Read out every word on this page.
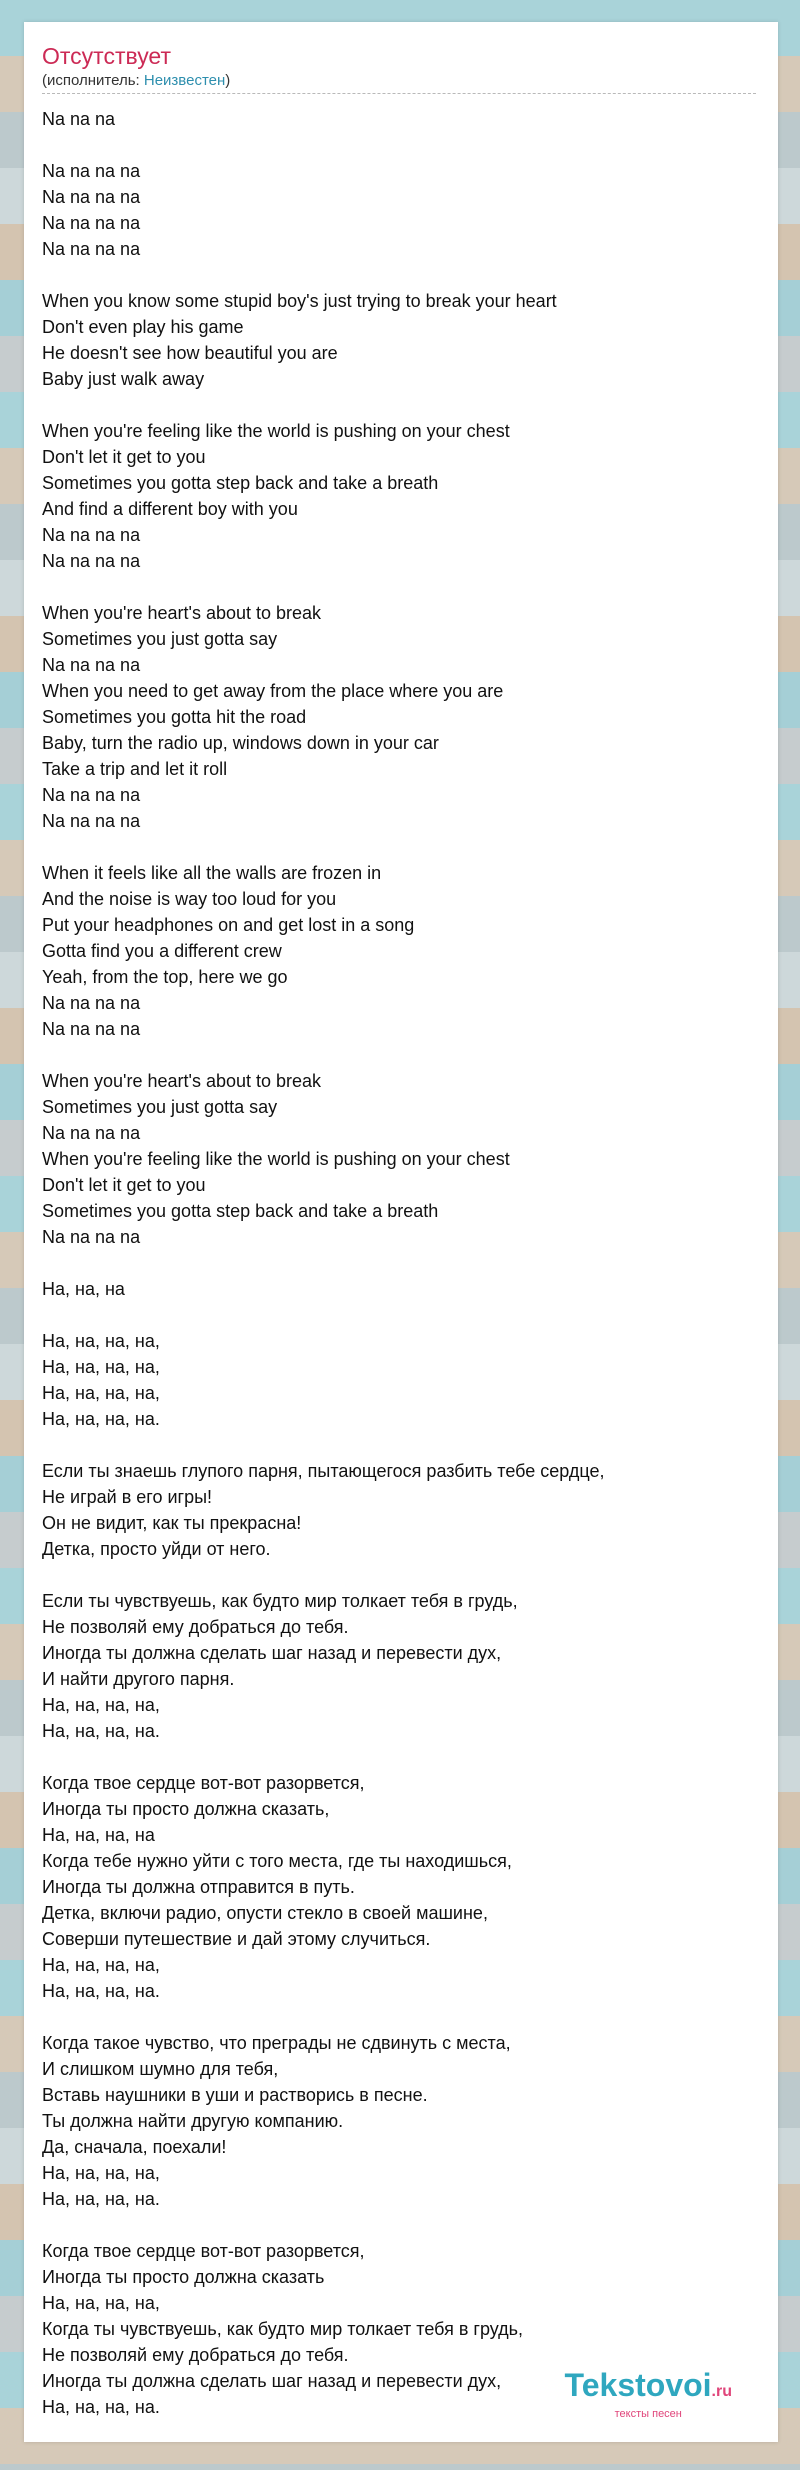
Отсутствует
(исполнитель: Неизвестен)
Na na na
Na na na na
Na na na na
Na na na na
Na na na na
When you know some stupid boy's just trying to break your heart
Don't even play his game
He doesn't see how beautiful you are
Baby just walk away
When you're feeling like the world is pushing on your chest
Don't let it get to you
Sometimes you gotta step back and take a breath
And find a different boy with you
Na na na na
Na na na na
When you're heart's about to break
Sometimes you just gotta say
Na na na na
When you need to get away from the place where you are
Sometimes you gotta hit the road
Baby, turn the radio up, windows down in your car
Take a trip and let it roll
Na na na na
Na na na na
When it feels like all the walls are frozen in
And the noise is way too loud for you
Put your headphones on and get lost in a song
Gotta find you a different crew
Yeah, from the top, here we go
Na na na na
Na na na na
When you're heart's about to break
Sometimes you just gotta say
Na na na na
When you're feeling like the world is pushing on your chest
Don't let it get to you
Sometimes you gotta step back and take a breath
Na na na na
На, на, на
На, на, на, на,
На, на, на, на,
На, на, на, на,
На, на, на, на.
Если ты знаешь глупого парня, пытающегося разбить тебе сердце,
Не играй в его игры!
Он не видит, как ты прекрасна!
Детка, просто уйди от него.
Если ты чувствуешь, как будто мир толкает тебя в грудь,
Не позволяй ему добраться до тебя.
Иногда ты должна сделать шаг назад и перевести дух,
И найти другого парня.
На, на, на, на,
На, на, на, на.
Когда твое сердце вот-вот разорвется,
Иногда ты просто должна сказать,
На, на, на, на
Когда тебе нужно уйти с того места, где ты находишься,
Иногда ты должна отправится в путь.
Детка, включи радио, опусти стекло в своей машине,
Соверши путешествие и дай этому случиться.
На, на, на, на,
На, на, на, на.
Когда такое чувство, что преграды не сдвинуть с места,
И слишком шумно для тебя,
Вставь наушники в уши и растворись в песне.
Ты должна найти другую компанию.
Да, сначала, поехали!
На, на, на, на,
На, на, на, на.
Когда твое сердце вот-вот разорвется,
Иногда ты просто должна сказать
На, на, на, на,
Когда ты чувствуешь, как будто мир толкает тебя в грудь,
Не позволяй ему добраться до тебя.
Иногда ты должна сделать шаг назад и перевести дух,
На, на, на, на.
Tekstovoi.ru
тексты песен
